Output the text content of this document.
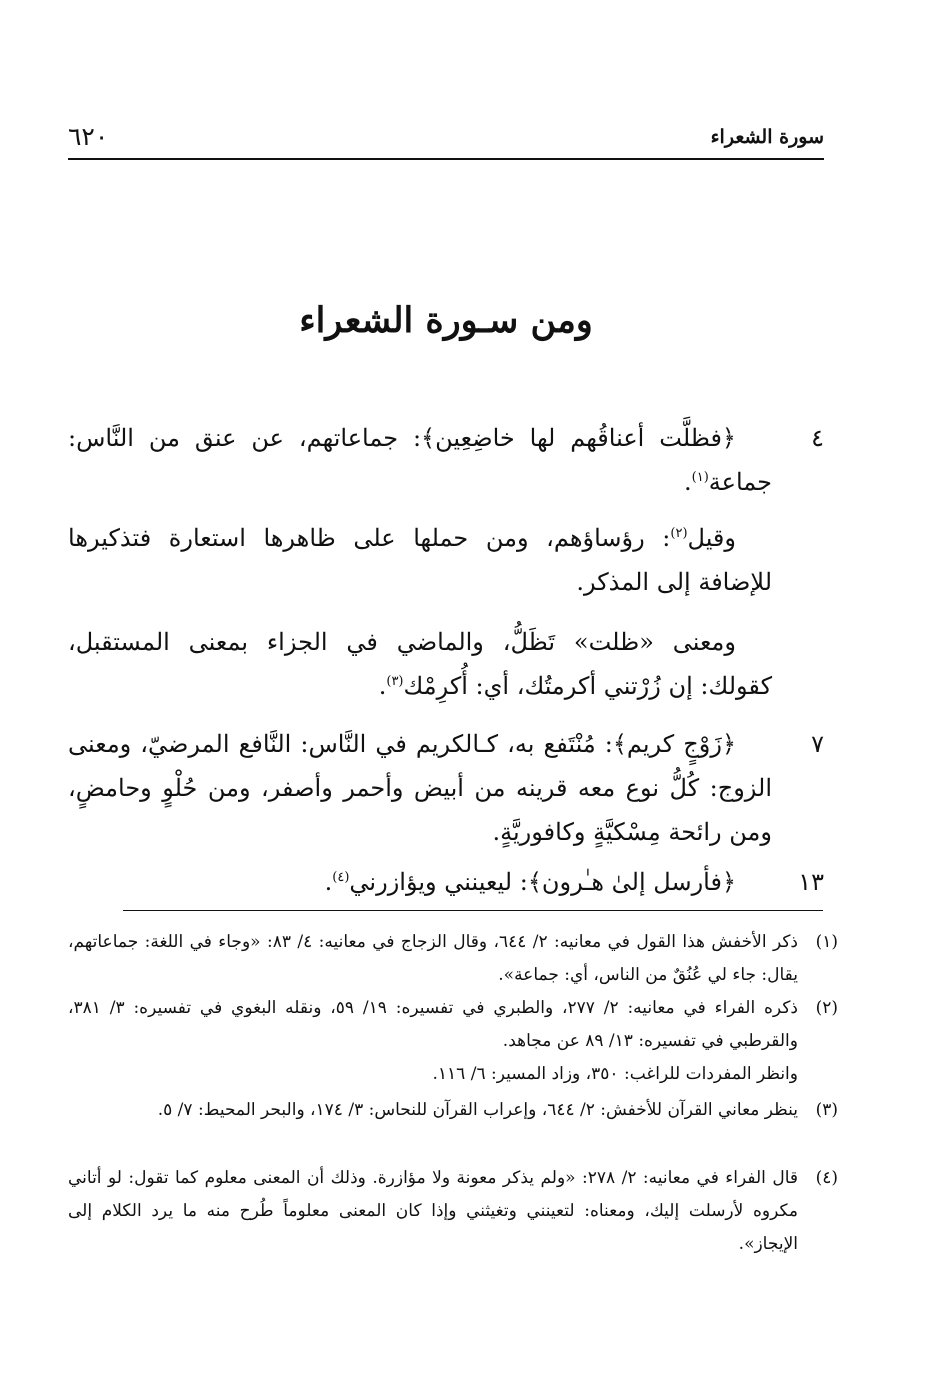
سورة الشعراء
٦٢٠
ومن سـورة الشعراء
٤
﴿فظلَّت أعناقُهم لها خاضِعِين﴾: جماعاتهم، عن عنق من النَّاس: جماعة$^{(١)}$.
وقيل$^{(٢)}$: رؤساؤهم، ومن حملها على ظاهرها استعارة فتذكيرها للإضافة إلى المذكر.
ومعنى «ظلت» تَظَلُّ، والماضي في الجزاء بمعنى المستقبل، كقولك: إن زُرْتني أكرمتُك، أي: أُكرِمْك$^{(٣)}$.
٧
﴿زَوْجٍ كريم﴾: مُنْتَفع به، كـالكريم في النَّاس: النَّافع المرضيّ، ومعنى الزوج: كُلُّ نوع معه قرينه من أبيض وأحمر وأصفر، ومن حُلْوٍ وحامضٍ، ومن رائحة مِسْكيَّةٍ وكافوريَّةٍ.
١٣
﴿فأرسل إلىٰ هـٰرون﴾: ليعينني ويؤازرني$^{(٤)}$.
(١)
ذكر الأخفش هذا القول في معانيه: ٢/ ٦٤٤، وقال الزجاج في معانيه: ٤/ ٨٣: «وجاء في اللغة: جماعاتهم، يقال: جاء لي عُنُقٌ من الناس، أي: جماعة».
(٢)
ذكره الفراء في معانيه: ٢/ ٢٧٧، والطبري في تفسيره: ١٩/ ٥٩، ونقله البغوي في تفسيره: ٣/ ٣٨١، والقرطبي في تفسيره: ١٣/ ٨٩ عن مجاهد.
وانظر المفردات للراغب: ٣٥٠، وزاد المسير: ٦/ ١١٦.
(٣)
ينظر معاني القرآن للأخفش: ٢/ ٦٤٤، وإعراب القرآن للنحاس: ٣/ ١٧٤، والبحر المحيط: ٧/ ٥.
(٤)
قال الفراء في معانيه: ٢/ ٢٧٨: «ولم يذكر معونة ولا مؤازرة. وذلك أن المعنى معلوم كما تقول: لو أتاني مكروه لأرسلت إليك، ومعناه: لتعينني وتغيثني وإذا كان المعنى معلوماً طُرح منه ما يرد الكلام إلى الإيجاز».
